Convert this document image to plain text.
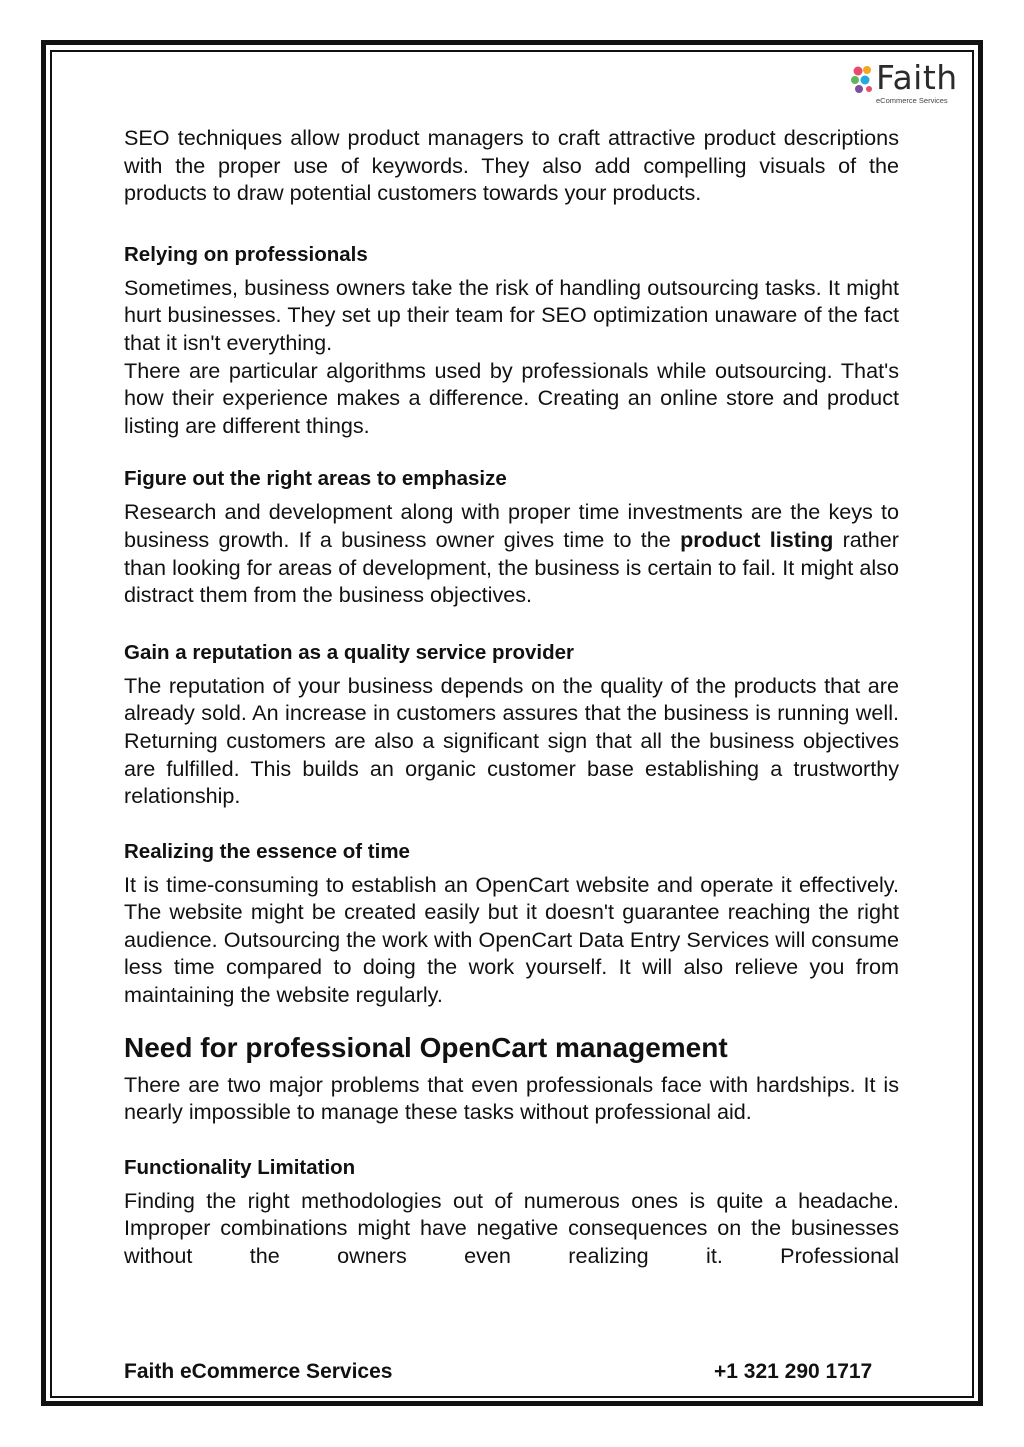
Faith
eCommerce Services

SEO techniques allow product managers to craft attractive product descriptions with the proper use of keywords. They also add compelling visuals of the products to draw potential customers towards your products.

Relying on professionals

Sometimes, business owners take the risk of handling outsourcing tasks. It might hurt businesses. They set up their team for SEO optimization unaware of the fact that it isn't everything.

There are particular algorithms used by professionals while outsourcing. That's how their experience makes a difference. Creating an online store and product listing are different things.

Figure out the right areas to emphasize

Research and development along with proper time investments are the keys to business growth. If a business owner gives time to the product listing rather than looking for areas of development, the business is certain to fail. It might also distract them from the business objectives.

Gain a reputation as a quality service provider

The reputation of your business depends on the quality of the products that are already sold. An increase in customers assures that the business is running well. Returning customers are also a significant sign that all the business objectives are fulfilled. This builds an organic customer base establishing a trustworthy relationship.

Realizing the essence of time

It is time-consuming to establish an OpenCart website and operate it effectively. The website might be created easily but it doesn't guarantee reaching the right audience. Outsourcing the work with OpenCart Data Entry Services will consume less time compared to doing the work yourself. It will also relieve you from maintaining the website regularly.

Need for professional OpenCart management

There are two major problems that even professionals face with hardships. It is nearly impossible to manage these tasks without professional aid.

Functionality Limitation

Finding the right methodologies out of numerous ones is quite a headache. Improper combinations might have negative consequences on the businesses without the owners even realizing it. Professional

Faith eCommerce Services	+1 321 290 1717
